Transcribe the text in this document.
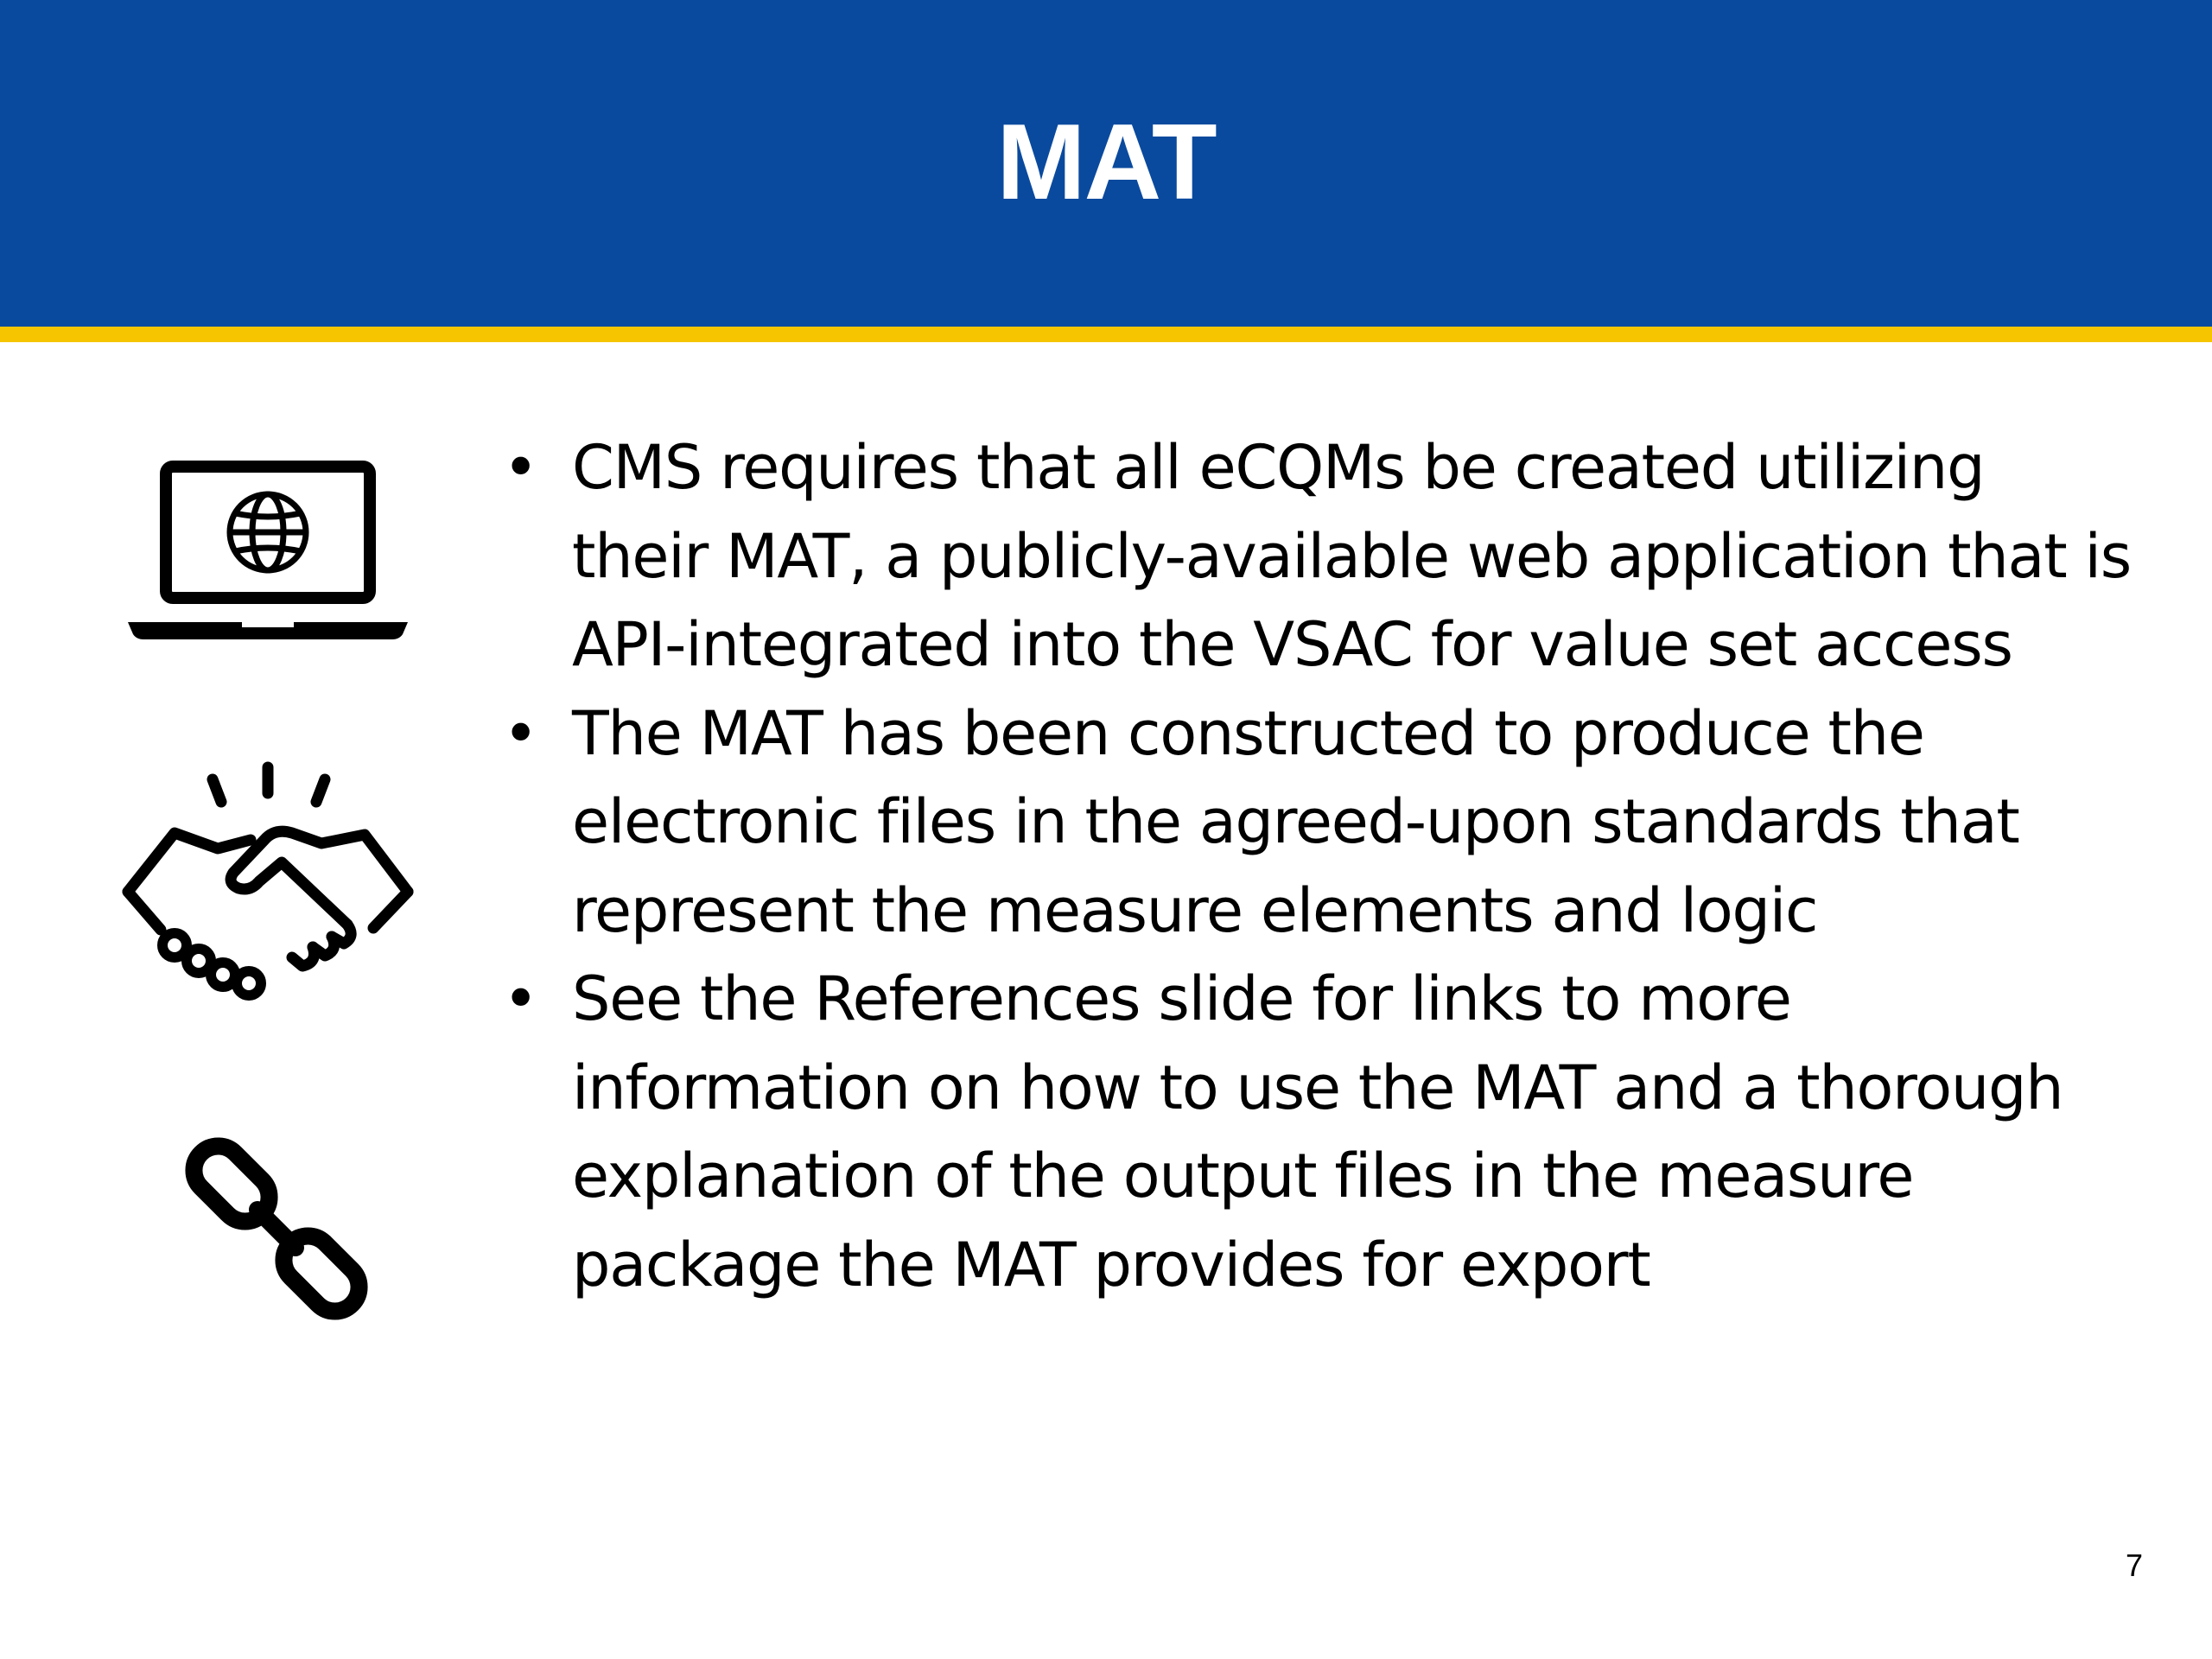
MAT
• CMS requires that all eCQMs be created utilizing their MAT, a publicly-available web application that is API-integrated into the VSAC for value set access
• The MAT has been constructed to produce the electronic files in the agreed-upon standards that represent the measure elements and logic
• See the References slide for links to more information on how to use the MAT and a thorough explanation of the output files in the measure package the MAT provides for export
7
